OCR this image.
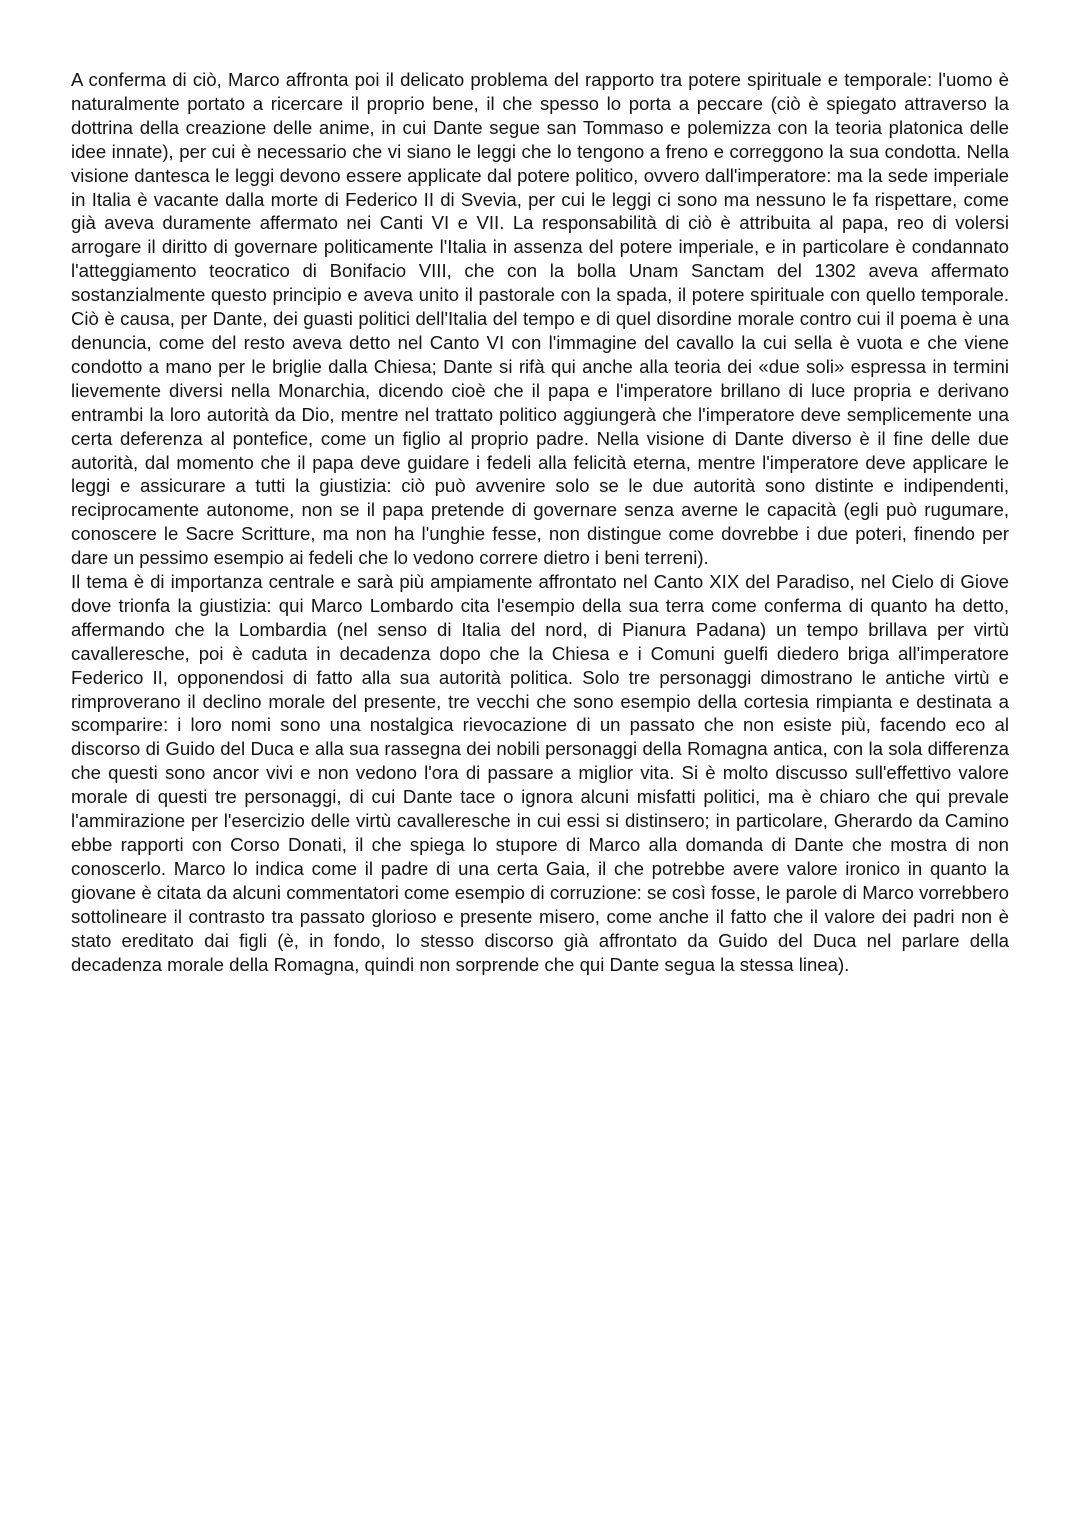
A conferma di ciò, Marco affronta poi il delicato problema del rapporto tra potere spirituale e temporale: l'uomo è naturalmente portato a ricercare il proprio bene, il che spesso lo porta a peccare (ciò è spiegato attraverso la dottrina della creazione delle anime, in cui Dante segue san Tommaso e polemizza con la teoria platonica delle idee innate), per cui è necessario che vi siano le leggi che lo tengono a freno e correggono la sua condotta. Nella visione dantesca le leggi devono essere applicate dal potere politico, ovvero dall'imperatore: ma la sede imperiale in Italia è vacante dalla morte di Federico II di Svevia, per cui le leggi ci sono ma nessuno le fa rispettare, come già aveva duramente affermato nei Canti VI e VII. La responsabilità di ciò è attribuita al papa, reo di volersi arrogare il diritto di governare politicamente l'Italia in assenza del potere imperiale, e in particolare è condannato l'atteggiamento teocratico di Bonifacio VIII, che con la bolla Unam Sanctam del 1302 aveva affermato sostanzialmente questo principio e aveva unito il pastorale con la spada, il potere spirituale con quello temporale. Ciò è causa, per Dante, dei guasti politici dell'Italia del tempo e di quel disordine morale contro cui il poema è una denuncia, come del resto aveva detto nel Canto VI con l'immagine del cavallo la cui sella è vuota e che viene condotto a mano per le briglie dalla Chiesa; Dante si rifà qui anche alla teoria dei «due soli» espressa in termini lievemente diversi nella Monarchia, dicendo cioè che il papa e l'imperatore brillano di luce propria e derivano entrambi la loro autorità da Dio, mentre nel trattato politico aggiungerà che l'imperatore deve semplicemente una certa deferenza al pontefice, come un figlio al proprio padre. Nella visione di Dante diverso è il fine delle due autorità, dal momento che il papa deve guidare i fedeli alla felicità eterna, mentre l'imperatore deve applicare le leggi e assicurare a tutti la giustizia: ciò può avvenire solo se le due autorità sono distinte e indipendenti, reciprocamente autonome, non se il papa pretende di governare senza averne le capacità (egli può rugumare, conoscere le Sacre Scritture, ma non ha l'unghie fesse, non distingue come dovrebbe i due poteri, finendo per dare un pessimo esempio ai fedeli che lo vedono correre dietro i beni terreni).

Il tema è di importanza centrale e sarà più ampiamente affrontato nel Canto XIX del Paradiso, nel Cielo di Giove dove trionfa la giustizia: qui Marco Lombardo cita l'esempio della sua terra come conferma di quanto ha detto, affermando che la Lombardia (nel senso di Italia del nord, di Pianura Padana) un tempo brillava per virtù cavalleresche, poi è caduta in decadenza dopo che la Chiesa e i Comuni guelfi diedero briga all'imperatore Federico II, opponendosi di fatto alla sua autorità politica. Solo tre personaggi dimostrano le antiche virtù e rimproverano il declino morale del presente, tre vecchi che sono esempio della cortesia rimpianta e destinata a scomparire: i loro nomi sono una nostalgica rievocazione di un passato che non esiste più, facendo eco al discorso di Guido del Duca e alla sua rassegna dei nobili personaggi della Romagna antica, con la sola differenza che questi sono ancor vivi e non vedono l'ora di passare a miglior vita. Si è molto discusso sull'effettivo valore morale di questi tre personaggi, di cui Dante tace o ignora alcuni misfatti politici, ma è chiaro che qui prevale l'ammirazione per l'esercizio delle virtù cavalleresche in cui essi si distinsero; in particolare, Gherardo da Camino ebbe rapporti con Corso Donati, il che spiega lo stupore di Marco alla domanda di Dante che mostra di non conoscerlo. Marco lo indica come il padre di una certa Gaia, il che potrebbe avere valore ironico in quanto la giovane è citata da alcuni commentatori come esempio di corruzione: se così fosse, le parole di Marco vorrebbero sottolineare il contrasto tra passato glorioso e presente misero, come anche il fatto che il valore dei padri non è stato ereditato dai figli (è, in fondo, lo stesso discorso già affrontato da Guido del Duca nel parlare della decadenza morale della Romagna, quindi non sorprende che qui Dante segua la stessa linea).
